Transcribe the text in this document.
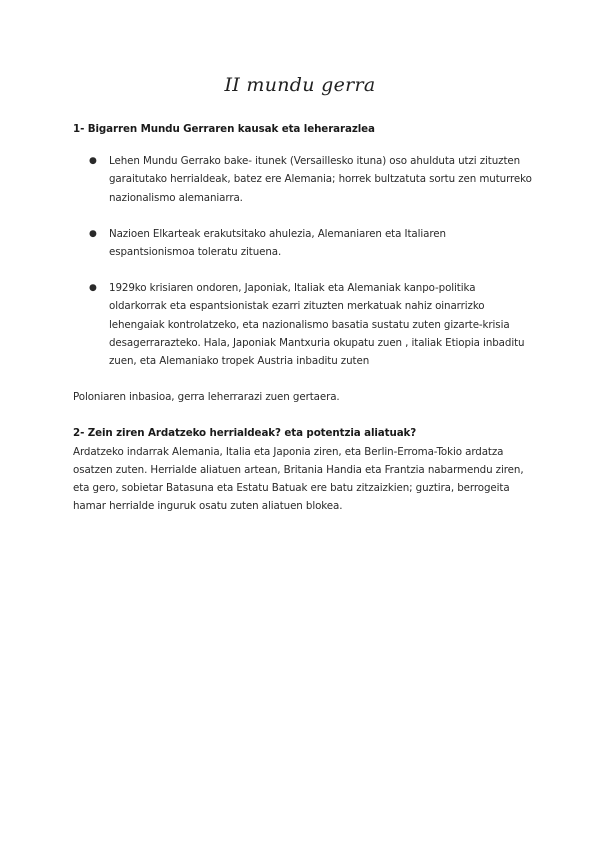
II mundu gerra

1- Bigarren Mundu Gerraren kausak eta leherarazlea

● Lehen Mundu Gerrako bake- itunek (Versaillesko ituna) oso ahulduta utzi zituzten garaitutako herrialdeak, batez ere Alemania; horrek bultzatuta sortu zen muturreko nazionalismo alemaniarra.
● Nazioen Elkarteak erakutsitako ahulezia, Alemaniaren eta Italiaren espantsionismoa toleratu zituena.
● 1929ko krisiaren ondoren, Japoniak, Italiak eta Alemaniak kanpo-politika oldarkorrak eta espantsionistak ezarri zituzten merkatuak nahiz oinarrizko lehengaiak kontrolatzeko, eta nazionalismo basatia sustatu zuten gizarte-krisia desagerrarazteko. Hala, Japoniak Mantxuria okupatu zuen , italiak Etiopia inbaditu zuen, eta Alemaniako tropek Austria inbaditu zuten

Poloniaren inbasioa, gerra leherrarazi zuen gertaera.

2- Zein ziren Ardatzeko herrialdeak? eta potentzia aliatuak?

Ardatzeko indarrak Alemania, Italia eta Japonia ziren, eta Berlin-Erroma-Tokio ardatza osatzen zuten. Herrialde aliatuen artean, Britania Handia eta Frantzia nabarmendu ziren, eta gero, sobietar Batasuna eta Estatu Batuak ere batu zitzaizkien; guztira, berrogeita hamar herrialde inguruk osatu zuten aliatuen blokea.
